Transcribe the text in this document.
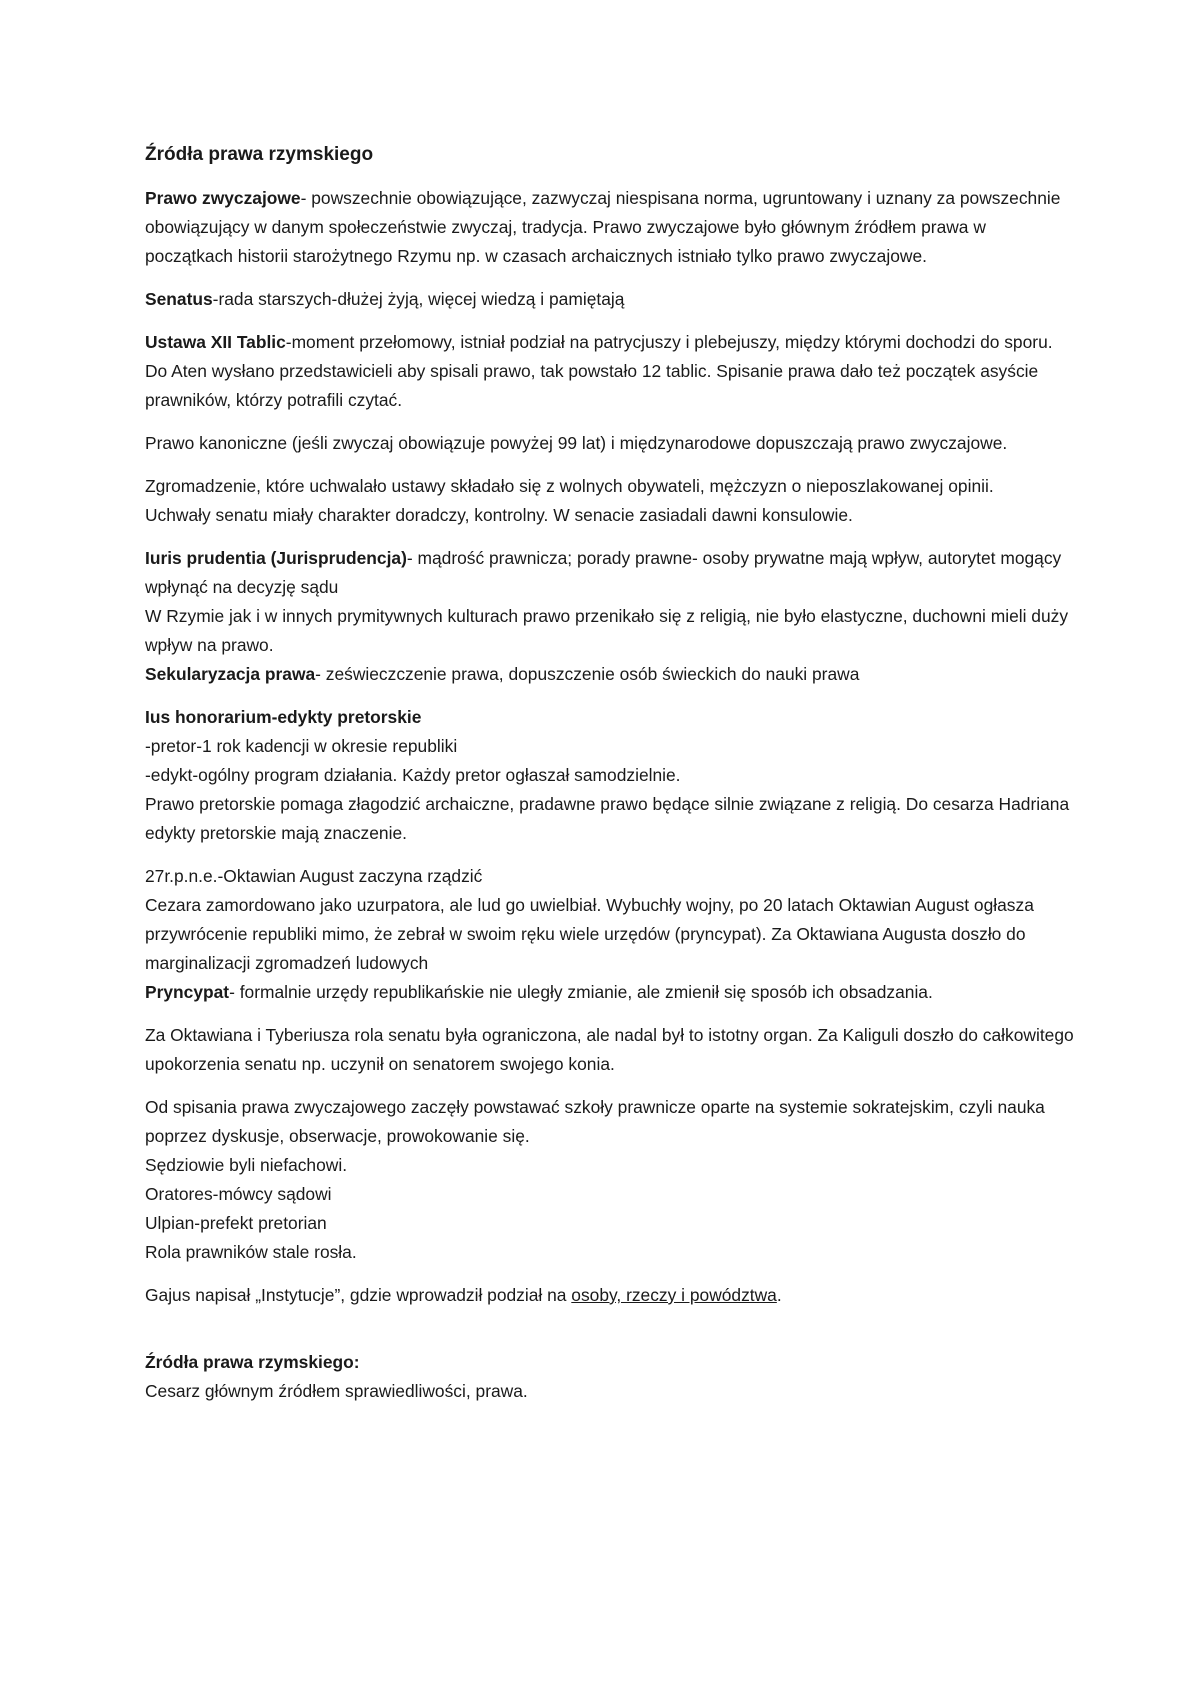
Źródła prawa rzymskiego

Prawo zwyczajowe- powszechnie obowiązujące, zazwyczaj niespisana norma, ugruntowany i uznany za powszechnie obowiązujący w danym społeczeństwie zwyczaj, tradycja. Prawo zwyczajowe było głównym źródłem prawa w początkach historii starożytnego Rzymu np. w czasach archaicznych istniało tylko prawo zwyczajowe.

Senatus-rada starszych-dłużej żyją, więcej wiedzą i pamiętają

Ustawa XII Tablic-moment przełomowy, istniał podział na patrycjuszy i plebejuszy, między którymi dochodzi do sporu. Do Aten wysłano przedstawicieli aby spisali prawo, tak powstało 12 tablic. Spisanie prawa dało też początek asyście prawników, którzy potrafili czytać.

Prawo kanoniczne (jeśli zwyczaj obowiązuje powyżej 99 lat) i międzynarodowe dopuszczają prawo zwyczajowe.

Zgromadzenie, które uchwalało ustawy składało się z wolnych obywateli, mężczyzn o nieposzlakowanej opinii.
Uchwały senatu miały charakter doradczy, kontrolny. W senacie zasiadali dawni konsulowie.

Iuris prudentia (Jurisprudencja)- mądrość prawnicza; porady prawne- osoby prywatne mają wpływ, autorytet mogący wpłynąć na decyzję sądu
W Rzymie jak i w innych prymitywnych kulturach prawo przenikało się z religią, nie było elastyczne, duchowni mieli duży wpływ na prawo.
Sekularyzacja prawa- ześwieczczenie prawa, dopuszczenie osób świeckich do nauki prawa

Ius honorarium-edykty pretorskie
-pretor-1 rok kadencji w okresie republiki
-edykt-ogólny program działania. Każdy pretor ogłaszał samodzielnie.
Prawo pretorskie pomaga złagodzić archaiczne, pradawne prawo będące silnie związane z religią. Do cesarza Hadriana edykty pretorskie mają znaczenie.

27r.p.n.e.-Oktawian August zaczyna rządzić
Cezara zamordowano jako uzurpatora, ale lud go uwielbiał. Wybuchły wojny, po 20 latach Oktawian August ogłasza przywrócenie republiki mimo, że zebrał w swoim ręku wiele urzędów (pryncypat). Za Oktawiana Augusta doszło do marginalizacji zgromadzeń ludowych
Pryncypat- formalnie urzędy republikańskie nie uległy zmianie, ale zmienił się sposób ich obsadzania.

Za Oktawiana i Tyberiusza rola senatu była ograniczona, ale nadal był to istotny organ. Za Kaliguli doszło do całkowitego upokorzenia senatu np. uczynił on senatorem swojego konia.

Od spisania prawa zwyczajowego zaczęły powstawać szkoły prawnicze oparte na systemie sokratejskim, czyli nauka poprzez dyskusje, obserwacje, prowokowanie się.
Sędziowie byli niefachowi.
Oratores-mówcy sądowi
Ulpian-prefekt pretorian
Rola prawników stale rosła.

Gajus napisał „Instytucje”, gdzie wprowadził podział na osoby, rzeczy i powództwa.

Źródła prawa rzymskiego:
Cesarz głównym źródłem sprawiedliwości, prawa.
